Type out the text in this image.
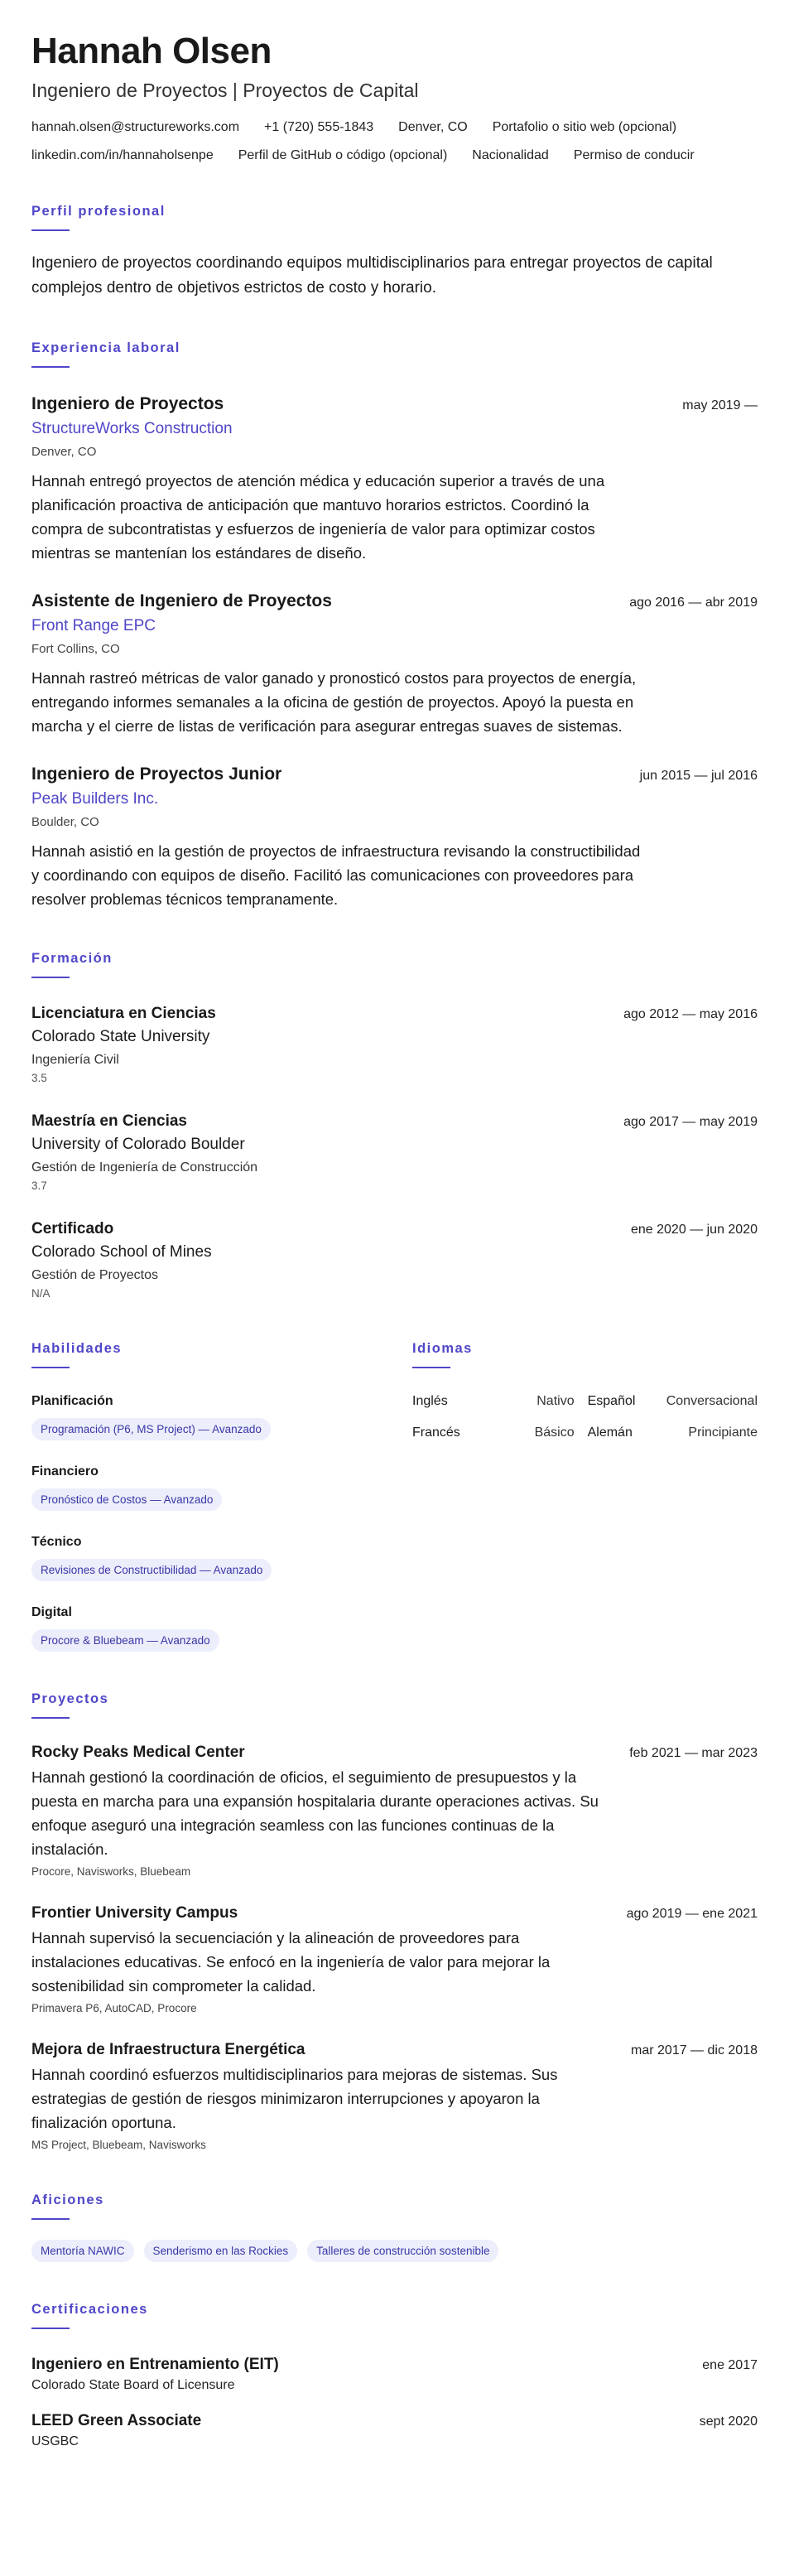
Hannah Olsen
Ingeniero de Proyectos | Proyectos de Capital
hannah.olsen@structureworks.com +1 (720) 555-1843 Denver, CO Portafolio o sitio web (opcional)
linkedin.com/in/hannaholsenpe Perfil de GitHub o código (opcional) Nacionalidad Permiso de conducir
Perfil profesional
Ingeniero de proyectos coordinando equipos multidisciplinarios para entregar proyectos de capital complejos dentro de objetivos estrictos de costo y horario.
Experiencia laboral
Ingeniero de Proyectos	may 2019 —
StructureWorks Construction
Denver, CO
Hannah entregó proyectos de atención médica y educación superior a través de una planificación proactiva de anticipación que mantuvo horarios estrictos. Coordinó la compra de subcontratistas y esfuerzos de ingeniería de valor para optimizar costos mientras se mantenían los estándares de diseño.
Asistente de Ingeniero de Proyectos	ago 2016 — abr 2019
Front Range EPC
Fort Collins, CO
Hannah rastreó métricas de valor ganado y pronosticó costos para proyectos de energía, entregando informes semanales a la oficina de gestión de proyectos. Apoyó la puesta en marcha y el cierre de listas de verificación para asegurar entregas suaves de sistemas.
Ingeniero de Proyectos Junior	jun 2015 — jul 2016
Peak Builders Inc.
Boulder, CO
Hannah asistió en la gestión de proyectos de infraestructura revisando la constructibilidad y coordinando con equipos de diseño. Facilitó las comunicaciones con proveedores para resolver problemas técnicos tempranamente.
Formación
Licenciatura en Ciencias	ago 2012 — may 2016
Colorado State University
Ingeniería Civil
3.5
Maestría en Ciencias	ago 2017 — may 2019
University of Colorado Boulder
Gestión de Ingeniería de Construcción
3.7
Certificado	ene 2020 — jun 2020
Colorado School of Mines
Gestión de Proyectos
N/A
Habilidades
Planificación
Programación (P6, MS Project) — Avanzado
Financiero
Pronóstico de Costos — Avanzado
Técnico
Revisiones de Constructibilidad — Avanzado
Digital
Procore & Bluebeam — Avanzado
Idiomas
Inglés	Nativo	Español	Conversacional
Francés	Básico	Alemán	Principiante
Proyectos
Rocky Peaks Medical Center	feb 2021 — mar 2023
Hannah gestionó la coordinación de oficios, el seguimiento de presupuestos y la puesta en marcha para una expansión hospitalaria durante operaciones activas. Su enfoque aseguró una integración seamless con las funciones continuas de la instalación.
Procore, Navisworks, Bluebeam
Frontier University Campus	ago 2019 — ene 2021
Hannah supervisó la secuenciación y la alineación de proveedores para instalaciones educativas. Se enfocó en la ingeniería de valor para mejorar la sostenibilidad sin comprometer la calidad.
Primavera P6, AutoCAD, Procore
Mejora de Infraestructura Energética	mar 2017 — dic 2018
Hannah coordinó esfuerzos multidisciplinarios para mejoras de sistemas. Sus estrategias de gestión de riesgos minimizaron interrupciones y apoyaron la finalización oportuna.
MS Project, Bluebeam, Navisworks
Aficiones
Mentoría NAWIC	Senderismo en las Rockies	Talleres de construcción sostenible
Certificaciones
Ingeniero en Entrenamiento (EIT)	ene 2017
Colorado State Board of Licensure
LEED Green Associate	sept 2020
USGBC
